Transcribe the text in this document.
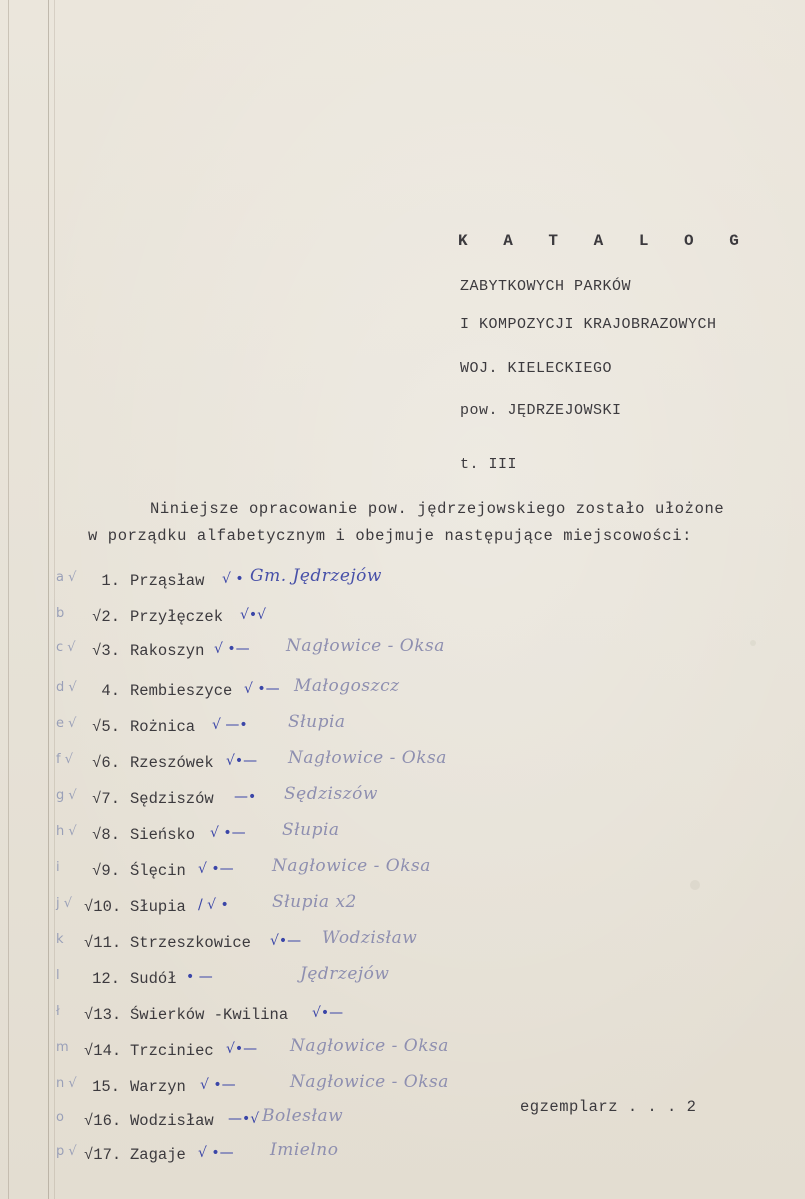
K A T A L O G
ZABYTKOWYCH PARKÓW
I KOMPOZYCJI KRAJOBRAZOWYCH
WOJ. KIELECKIEGO
pow. JĘDRZEJOWSKI
t. III
Niniejsze opracowanie pow. jędrzejowskiego zostało ułożone
w porządku alfabetycznym i obejmuje następujące miejscowości:
a √	1. Prząsław √ • Gm. Jędrzejów
b	√2. Przyłęczek √•√
c √	√3. Rakoszyn √ •— Nagłowice - Oksa
d √	4. Rembieszyce √ •— Małogoszcz
e √	√5. Rożnica √ —• Słupia
f √	√6. Rzeszówek √•— Nagłowice - Oksa
g √ √7. Sędziszów —• Sędziszów
h √ √8. Sieńsko √ •— Słupia
i	√9. Ślęcin √ •— Nagłowice - Oksa
j √ √10. Słupia / √ •	Słupia x2
k √11. Strzeszkowice √•— Wodzisław
l	12. Sudół • —	Jędrzejów
ł √13. Świerków -Kwilina √•—
m √14. Trzciniec √•— Nagłowice - Oksa
n √ 15. Warzyn √ •—	Nagłowice - Oksa
o √16. Wodzisław —•√ Bolesław
p √ √17. Zagaje √ •— Imielno
egzemplarz . . . 2
